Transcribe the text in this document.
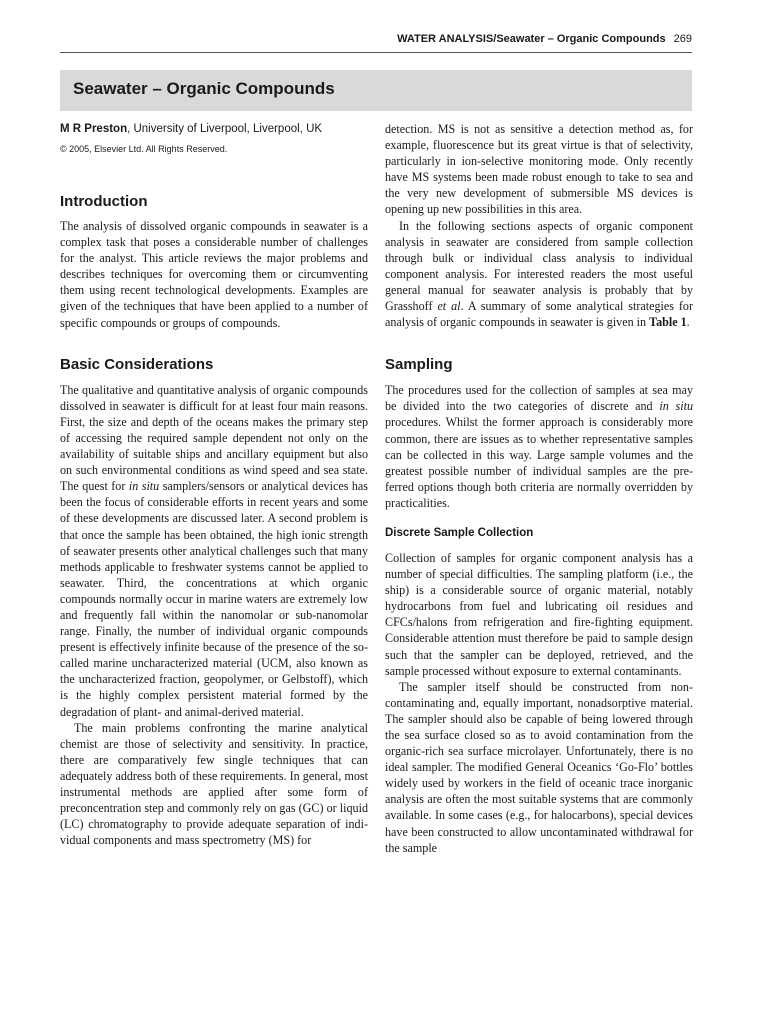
WATER ANALYSIS/Seawater – Organic Compounds 269
Seawater – Organic Compounds

M R Preston, University of Liverpool, Liverpool, UK

© 2005, Elsevier Ltd. All Rights Reserved.

Introduction

The analysis of dissolved organic compounds in seawater is a complex task that poses a considerable number of challenges for the analyst. This article reviews the major problems and describes techniques for overcoming them or circumventing them using recent technological developments. Examples are given of the techniques that have been applied to a number of specific compounds or groups of compounds.

Basic Considerations

The qualitative and quantitative analysis of organic compounds dissolved in seawater is difficult for at least four main reasons. First, the size and depth of the oceans makes the primary step of accessing the required sample dependent not only on the availability of suitable ships and ancillary equipment but also on such environmental conditions as wind speed and sea state. The quest for in situ samplers/sensors or analytical devices has been the focus of considerable efforts in recent years and some of these developments are discussed later. A second problem is that once the sample has been obtained, the high ionic strength of seawater presents other analytical challenges such that many methods applicable to freshwater systems cannot be applied to seawater. Third, the concentrations at which organic compounds normally occur in marine waters are extremely low and frequently fall within the nanomolar or sub-nanomolar range. Finally, the number of individual organic compounds present is effectively infinite because of the presence of the so-called marine uncharacterized material (UCM, also known as the uncharacterized fraction, geopolymer, or Gelbstoff), which is the highly complex persistent material formed by the degradation of plant- and animal-derived material.

The main problems confronting the marine analytical chemist are those of selectivity and sensitivity. In practice, there are comparatively few single techniques that can adequately address both of these requirements. In general, most instrumental methods are applied after some form of preconcentration step and commonly rely on gas (GC) or liquid (LC) chromatography to provide adequate separation of individual components and mass spectrometry (MS) for

detection. MS is not as sensitive a detection method as, for example, fluorescence but its great virtue is that of selectivity, particularly in ion-selective monitoring mode. Only recently have MS systems been made robust enough to take to sea and the very new development of submersible MS devices is opening up new possibilities in this area.

In the following sections aspects of organic component analysis in seawater are considered from sample collection through bulk or individual class analysis to individual component analysis. For interested readers the most useful general manual for seawater analysis is probably that by Grasshoff et al. A summary of some analytical strategies for analysis of organic compounds in seawater is given in Table 1.

Sampling

The procedures used for the collection of samples at sea may be divided into the two categories of discrete and in situ procedures. Whilst the former approach is considerably more common, there are issues as to whether representative samples can be collected in this way. Large sample volumes and the greatest possible number of individual samples are the preferred options though both criteria are normally overridden by practicalities.

Discrete Sample Collection

Collection of samples for organic component analysis has a number of special difficulties. The sampling platform (i.e., the ship) is a considerable source of organic material, notably hydrocarbons from fuel and lubricating oil residues and CFCs/halons from refrigeration and fire-fighting equipment. Considerable attention must therefore be paid to sample design such that the sampler can be deployed, retrieved, and the sample processed without exposure to external contaminants.

The sampler itself should be constructed from noncontaminating and, equally important, nonadsorptive material. The sampler should also be capable of being lowered through the sea surface closed so as to avoid contamination from the organic-rich sea surface microlayer. Unfortunately, there is no ideal sampler. The modified General Oceanics ‘Go-Flo’ bottles widely used by workers in the field of oceanic trace inorganic analysis are often the most suitable systems that are commonly available. In some cases (e.g., for halocarbons), special devices have been constructed to allow uncontaminated withdrawal for the sample
